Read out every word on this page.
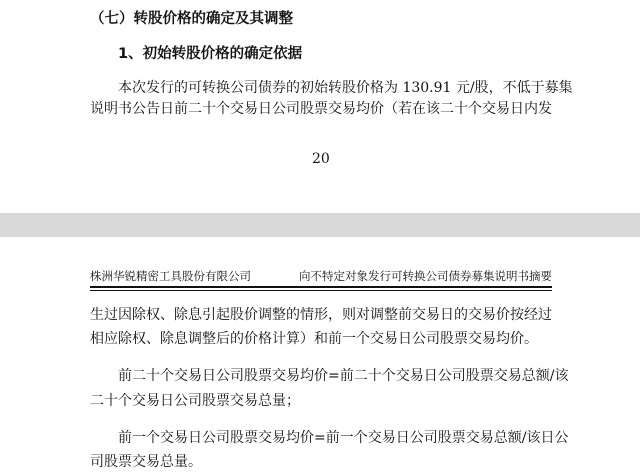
（七）转股价格的确定及其调整
1、初始转股价格的确定依据
本次发行的可转换公司债券的初始转股价格为 130.91 元/股，不低于募集
说明书公告日前二十个交易日公司股票交易均价（若在该二十个交易日内发
20
株洲华锐精密工具股份有限公司	向不特定对象发行可转换公司债券募集说明书摘要
生过因除权、除息引起股价调整的情形，则对调整前交易日的交易价按经过
相应除权、除息调整后的价格计算）和前一个交易日公司股票交易均价。
前二十个交易日公司股票交易均价=前二十个交易日公司股票交易总额/该
二十个交易日公司股票交易总量；
前一个交易日公司股票交易均价=前一个交易日公司股票交易总额/该日公
司股票交易总量。
